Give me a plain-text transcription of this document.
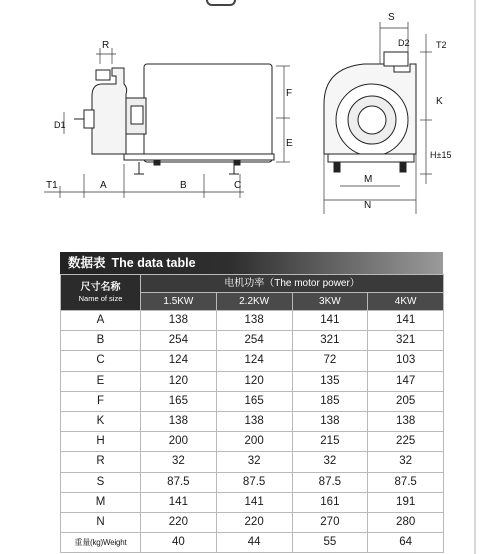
R
D1
T1	A	B	C
F
E
S
D2	T2
K
H±15
M
N
数据表 The data table
尺寸名称
Name of size	电机功率（The motor power）			
	1.5KW	2.2KW	3KW	4KW
A	138	138	141	141
B	254	254	321	321
C	124	124	72	103
E	120	120	135	147
F	165	165	185	205
K	138	138	138	138
H	200	200	215	225
R	32	32	32	32
S	87.5	87.5	87.5	87.5
M	141	141	161	191
N	220	220	270	280
重量(kg)Weight	40	44	55	64
